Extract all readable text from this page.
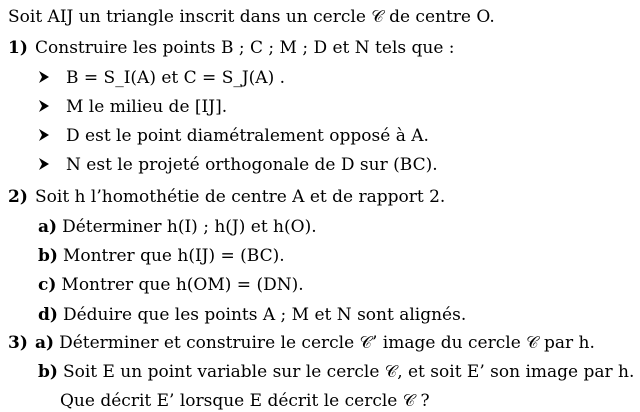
Soit AIJ un triangle inscrit dans un cercle 𝒞 de centre O.
1) Construire les points B ; C ; M ; D et N tels que :
B = S_I(A) et C = S_J(A) .
M le milieu de [IJ].
D est le point diamétralement opposé à A.
N est le projeté orthogonale de D sur (BC).
2) Soit h l’homothétie de centre A et de rapport 2.
a) Déterminer h(I) ; h(J) et h(O).
b) Montrer que h(IJ) = (BC).
c) Montrer que h(OM) = (DN).
d) Déduire que les points A ; M et N sont alignés.
3) a) Déterminer et construire le cercle 𝒞’ image du cercle 𝒞 par h.
b) Soit E un point variable sur le cercle 𝒞, et soit E’ son image par h.
Que décrit E’ lorsque E décrit le cercle 𝒞 ?
